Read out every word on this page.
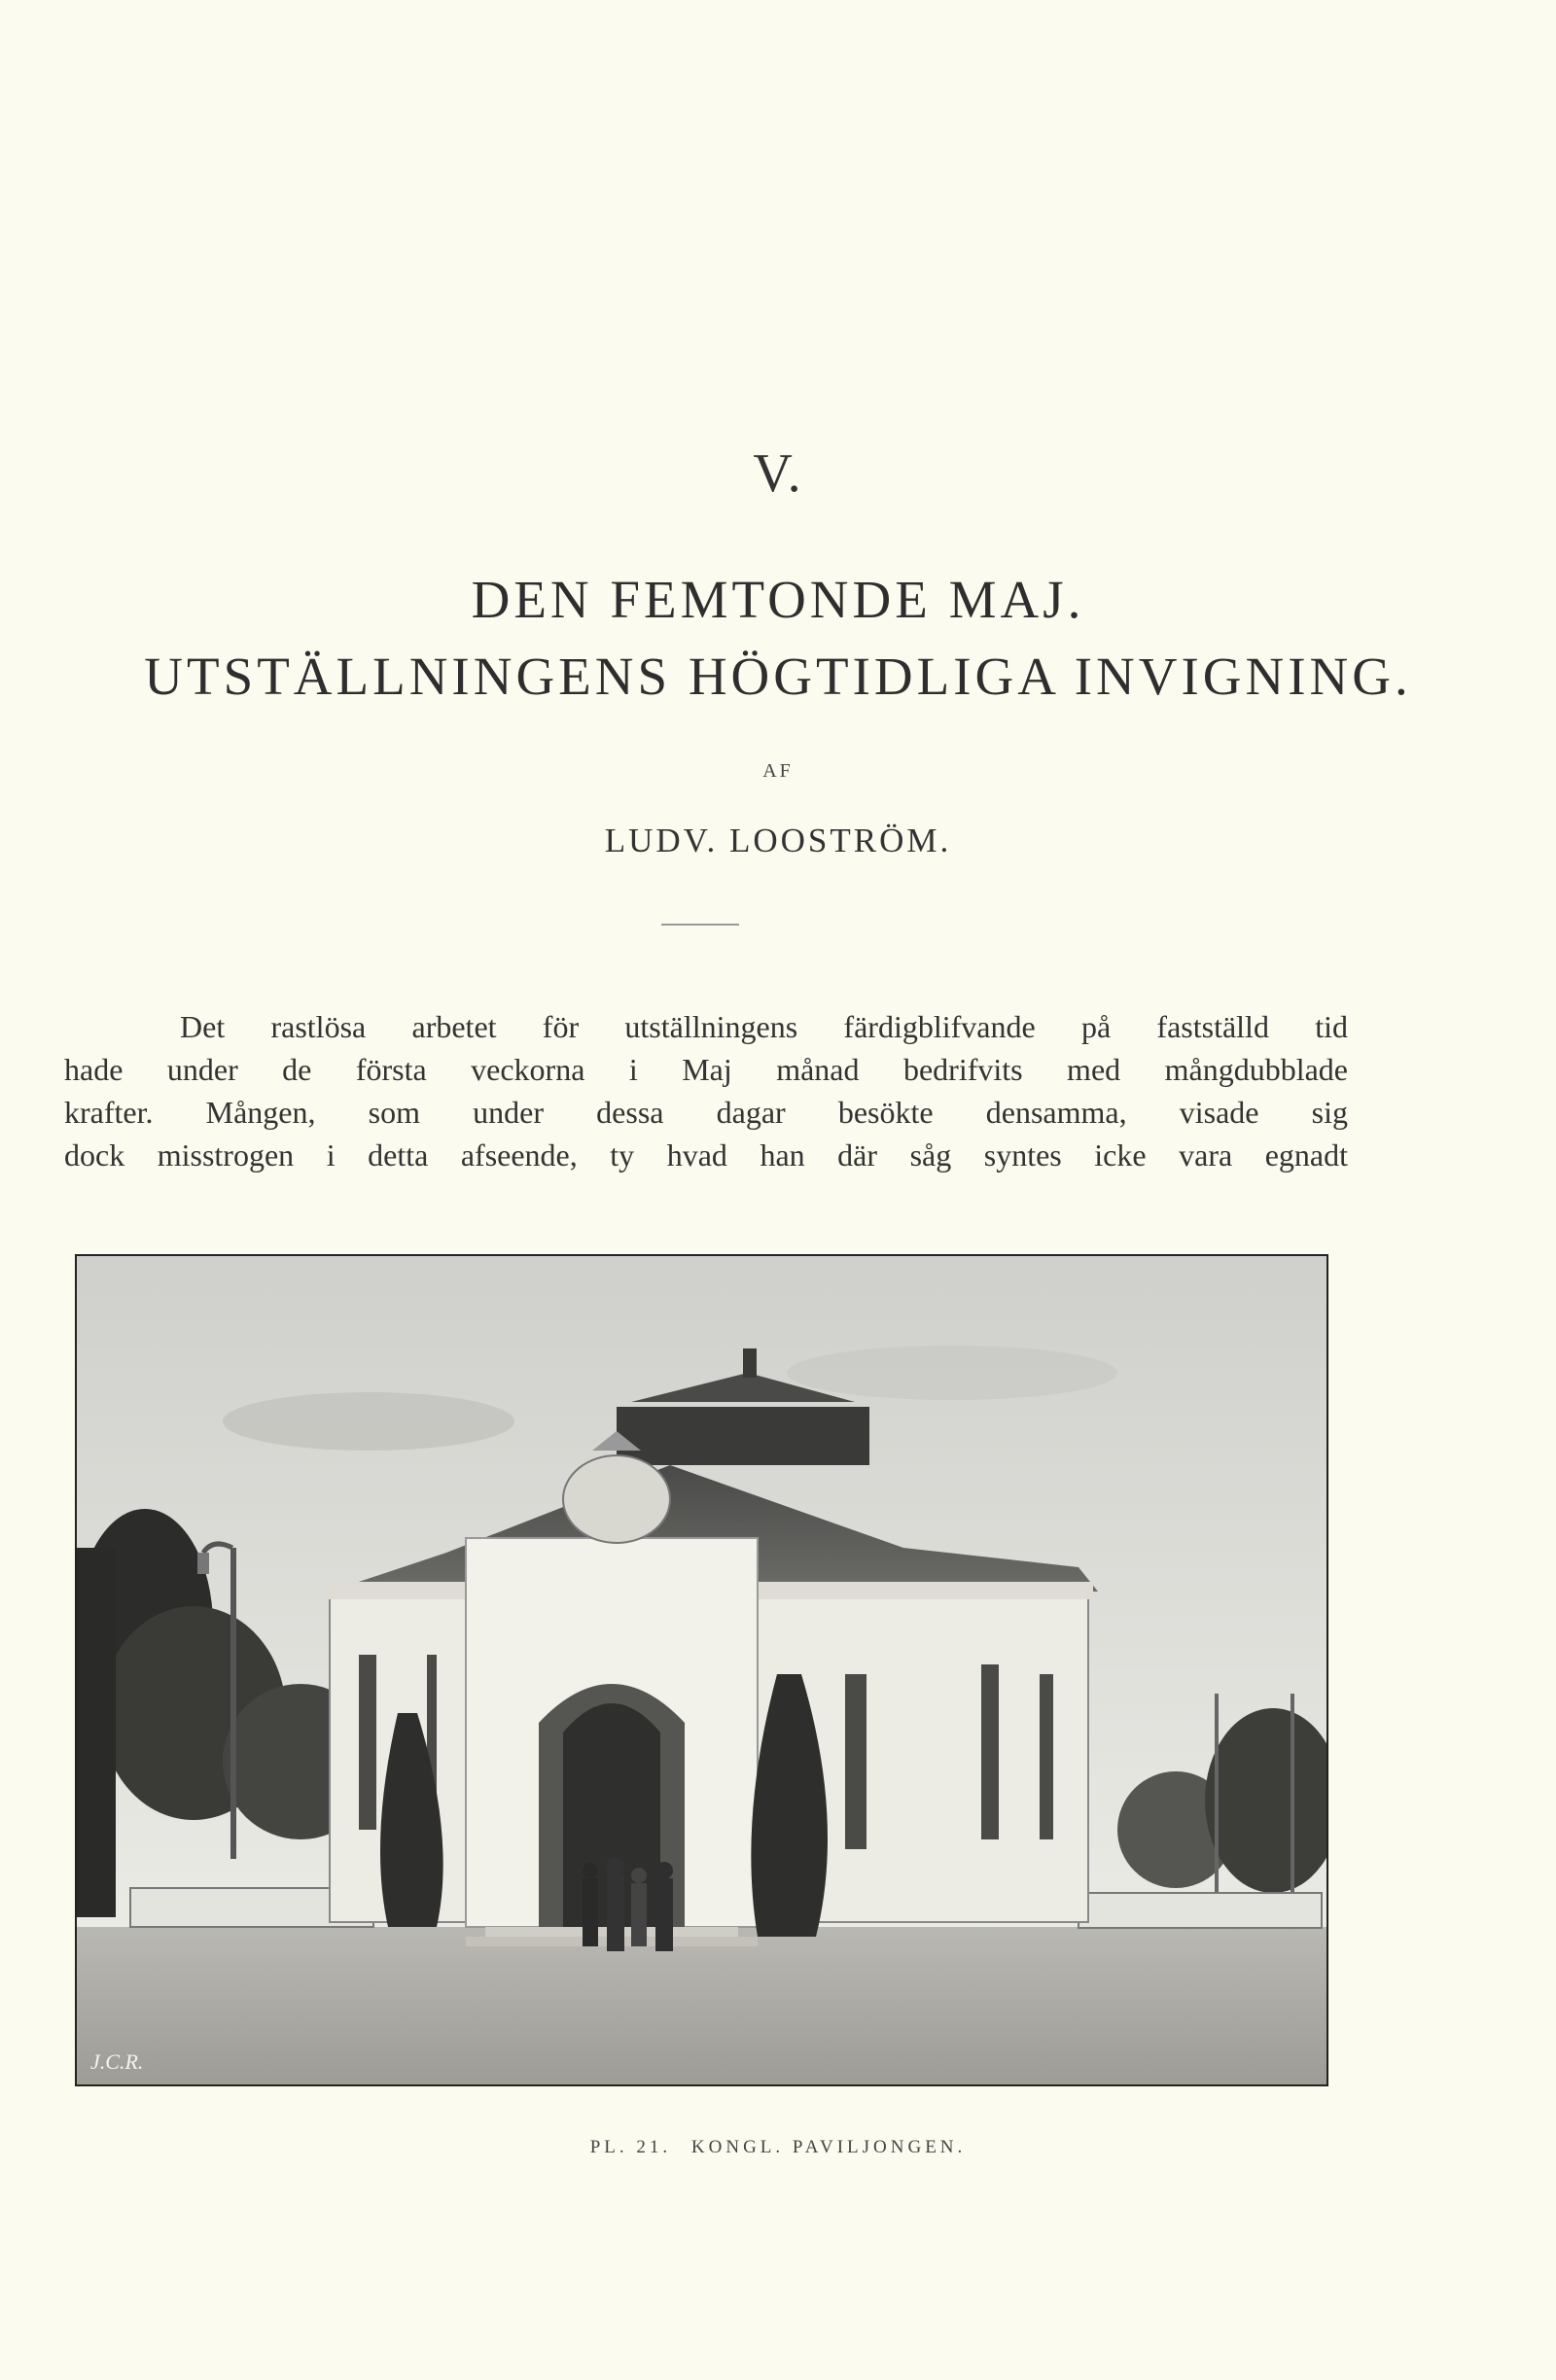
V.
DEN FEMTONDE MAJ.
UTSTÄLLNINGENS HÖGTIDLIGA INVIGNING.
AF
LUDV. LOOSTRÖM.
Det rastlösa arbetet för utställningens färdigblifvande på fastställd tid
hade under de första veckorna i Maj månad bedrifvits med mångdubblade
krafter. Mången, som under dessa dagar besökte densamma, visade sig
dock misstrogen i detta afseende, ty hvad han där såg syntes icke vara egnadt
J.C.R.
PL. 21. KONGL. PAVILJONGEN.
